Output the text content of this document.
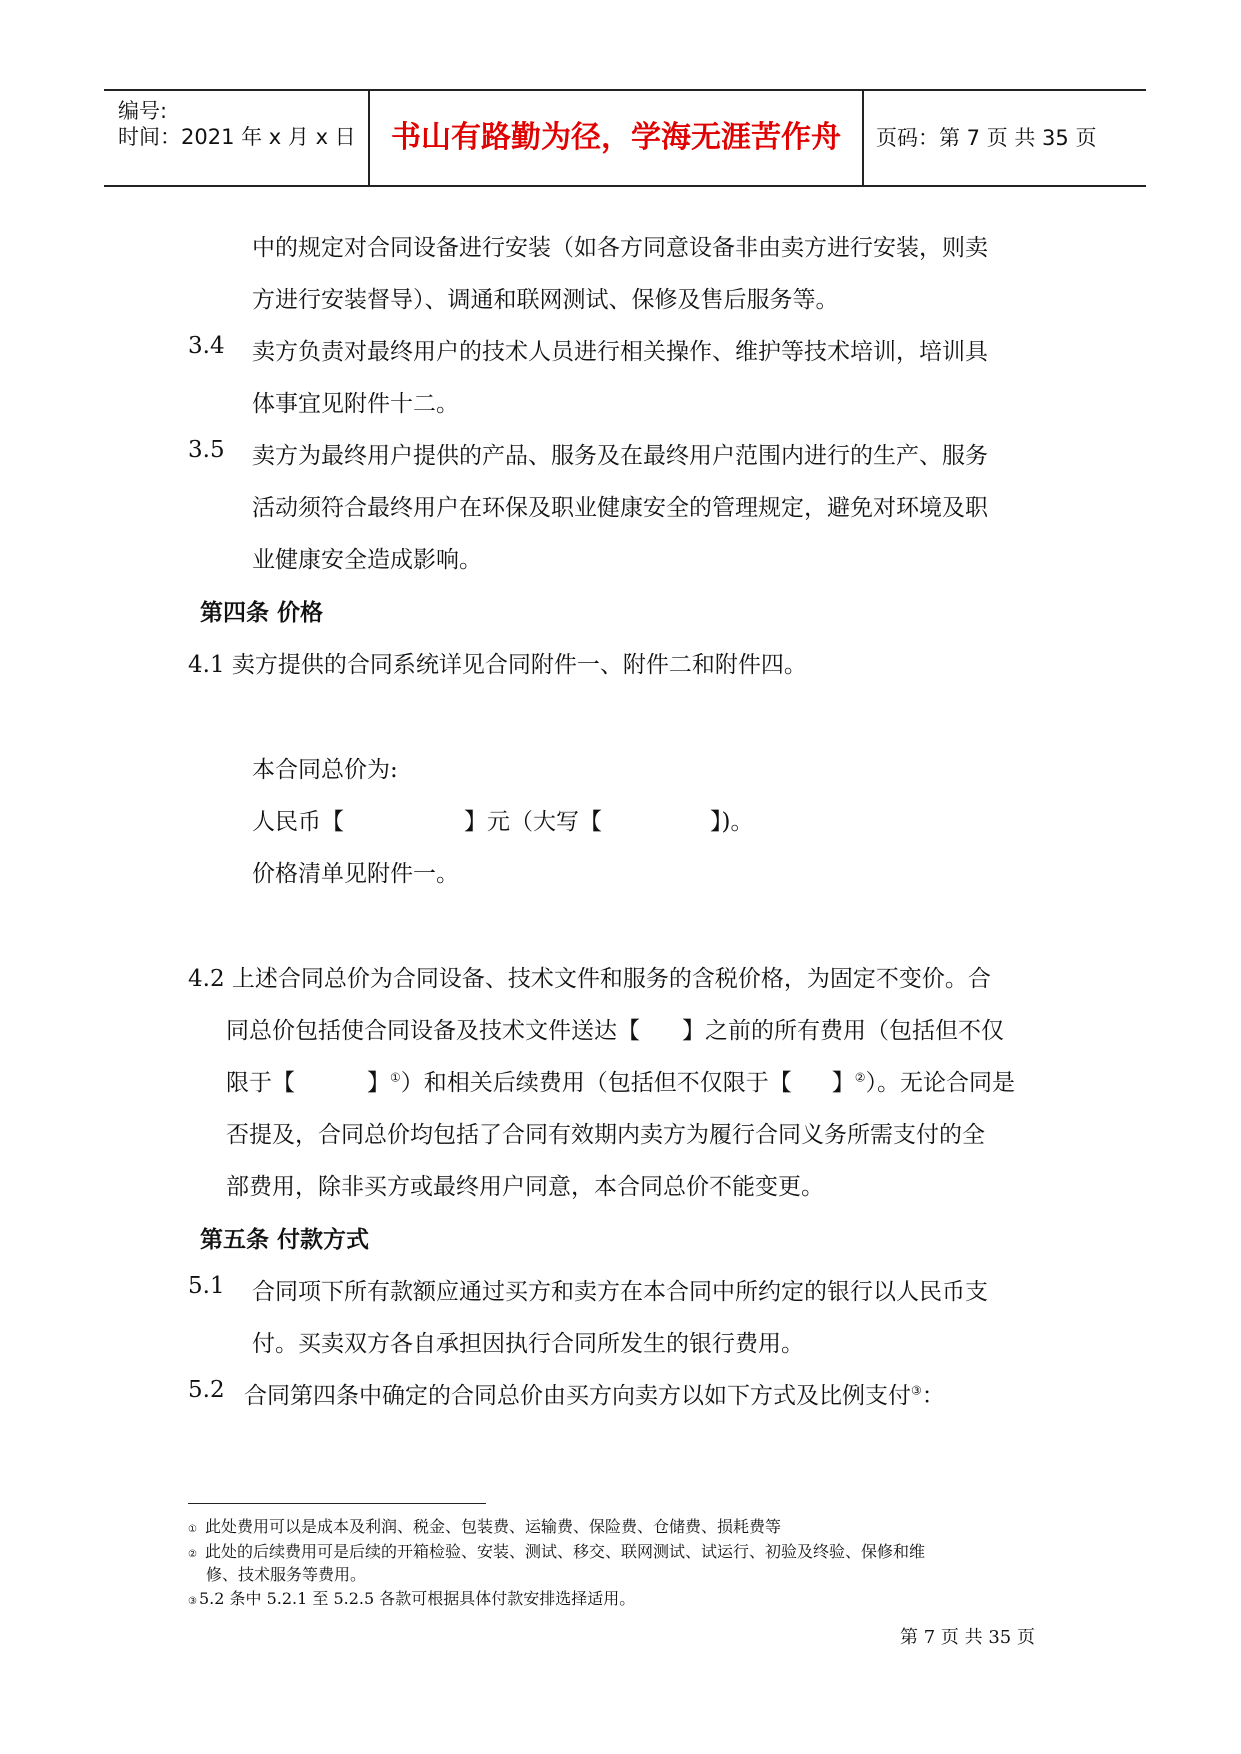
编号:
时间：2021 年 x 月 x 日	书山有路勤为径，学海无涯苦作舟	页码：第 7 页 共 35 页
中的规定对合同设备进行安装（如各方同意设备非由卖方进行安装，则卖
方进行安装督导）、调通和联网测试、保修及售后服务等。
3.4 卖方负责对最终用户的技术人员进行相关操作、维护等技术培训，培训具
体事宜见附件十二。
3.5 卖方为最终用户提供的产品、服务及在最终用户范围内进行的生产、服务
活动须符合最终用户在环保及职业健康安全的管理规定，避免对环境及职
业健康安全造成影响。
第四条 价格
4.1 卖方提供的合同系统详见合同附件一、附件二和附件四。
本合同总价为:
人民币【	】元（大写【	】)。
价格清单见附件一。
4.2 上述合同总价为合同设备、技术文件和服务的含税价格，为固定不变价。合
同总价包括使合同设备及技术文件送达【 】之前的所有费用（包括但不仅
限于【	】①）和相关后续费用（包括但不仅限于【 】②）。无论合同是
否提及，合同总价均包括了合同有效期内卖方为履行合同义务所需支付的全
部费用，除非买方或最终用户同意，本合同总价不能变更。
第五条 付款方式
5.1 合同项下所有款额应通过买方和卖方在本合同中所约定的银行以人民币支
付。买卖双方各自承担因执行合同所发生的银行费用。
5.2 合同第四条中确定的合同总价由买方向卖方以如下方式及比例支付③：
① 此处费用可以是成本及利润、税金、包装费、运输费、保险费、仓储费、损耗费等
② 此处的后续费用可是后续的开箱检验、安装、测试、移交、联网测试、试运行、初验及终验、保修和维
修、技术服务等费用。
③ 5.2 条中 5.2.1 至 5.2.5 各款可根据具体付款安排选择适用。
第 7 页 共 35 页
